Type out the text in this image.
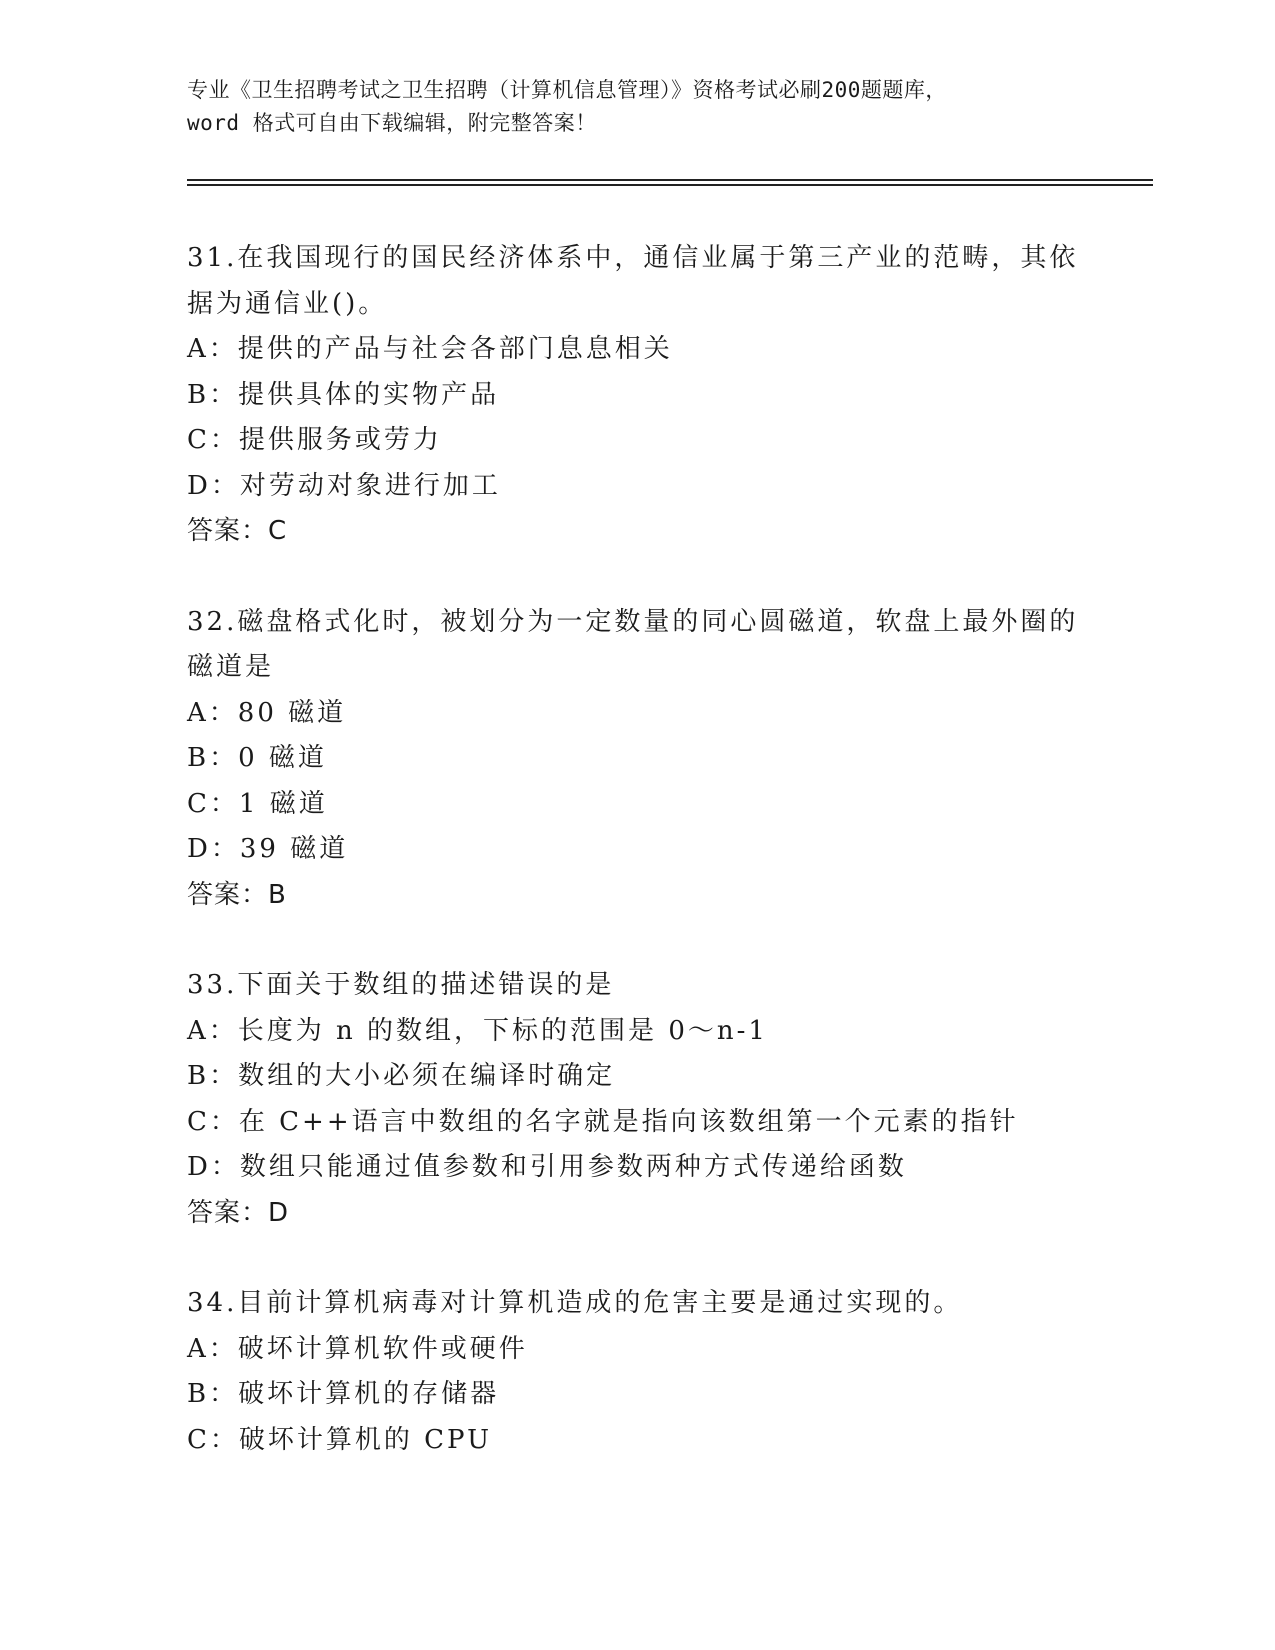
专业《卫生招聘考试之卫生招聘（计算机信息管理）》资格考试必刷200题题库，
word 格式可自由下载编辑，附完整答案！
31.在我国现行的国民经济体系中，通信业属于第三产业的范畴，其依
据为通信业()。
A：提供的产品与社会各部门息息相关
B：提供具体的实物产品
C：提供服务或劳力
D：对劳动对象进行加工
答案：C
32.磁盘格式化时，被划分为一定数量的同心圆磁道，软盘上最外圈的
磁道是
A：80 磁道
B：0 磁道
C：1 磁道
D：39 磁道
答案：B
33.下面关于数组的描述错误的是
A：长度为 n 的数组，下标的范围是 0～n-1
B：数组的大小必须在编译时确定
C：在 C++语言中数组的名字就是指向该数组第一个元素的指针
D：数组只能通过值参数和引用参数两种方式传递给函数
答案：D
34.目前计算机病毒对计算机造成的危害主要是通过实现的。
A：破坏计算机软件或硬件
B：破坏计算机的存储器
C：破坏计算机的 CPU
